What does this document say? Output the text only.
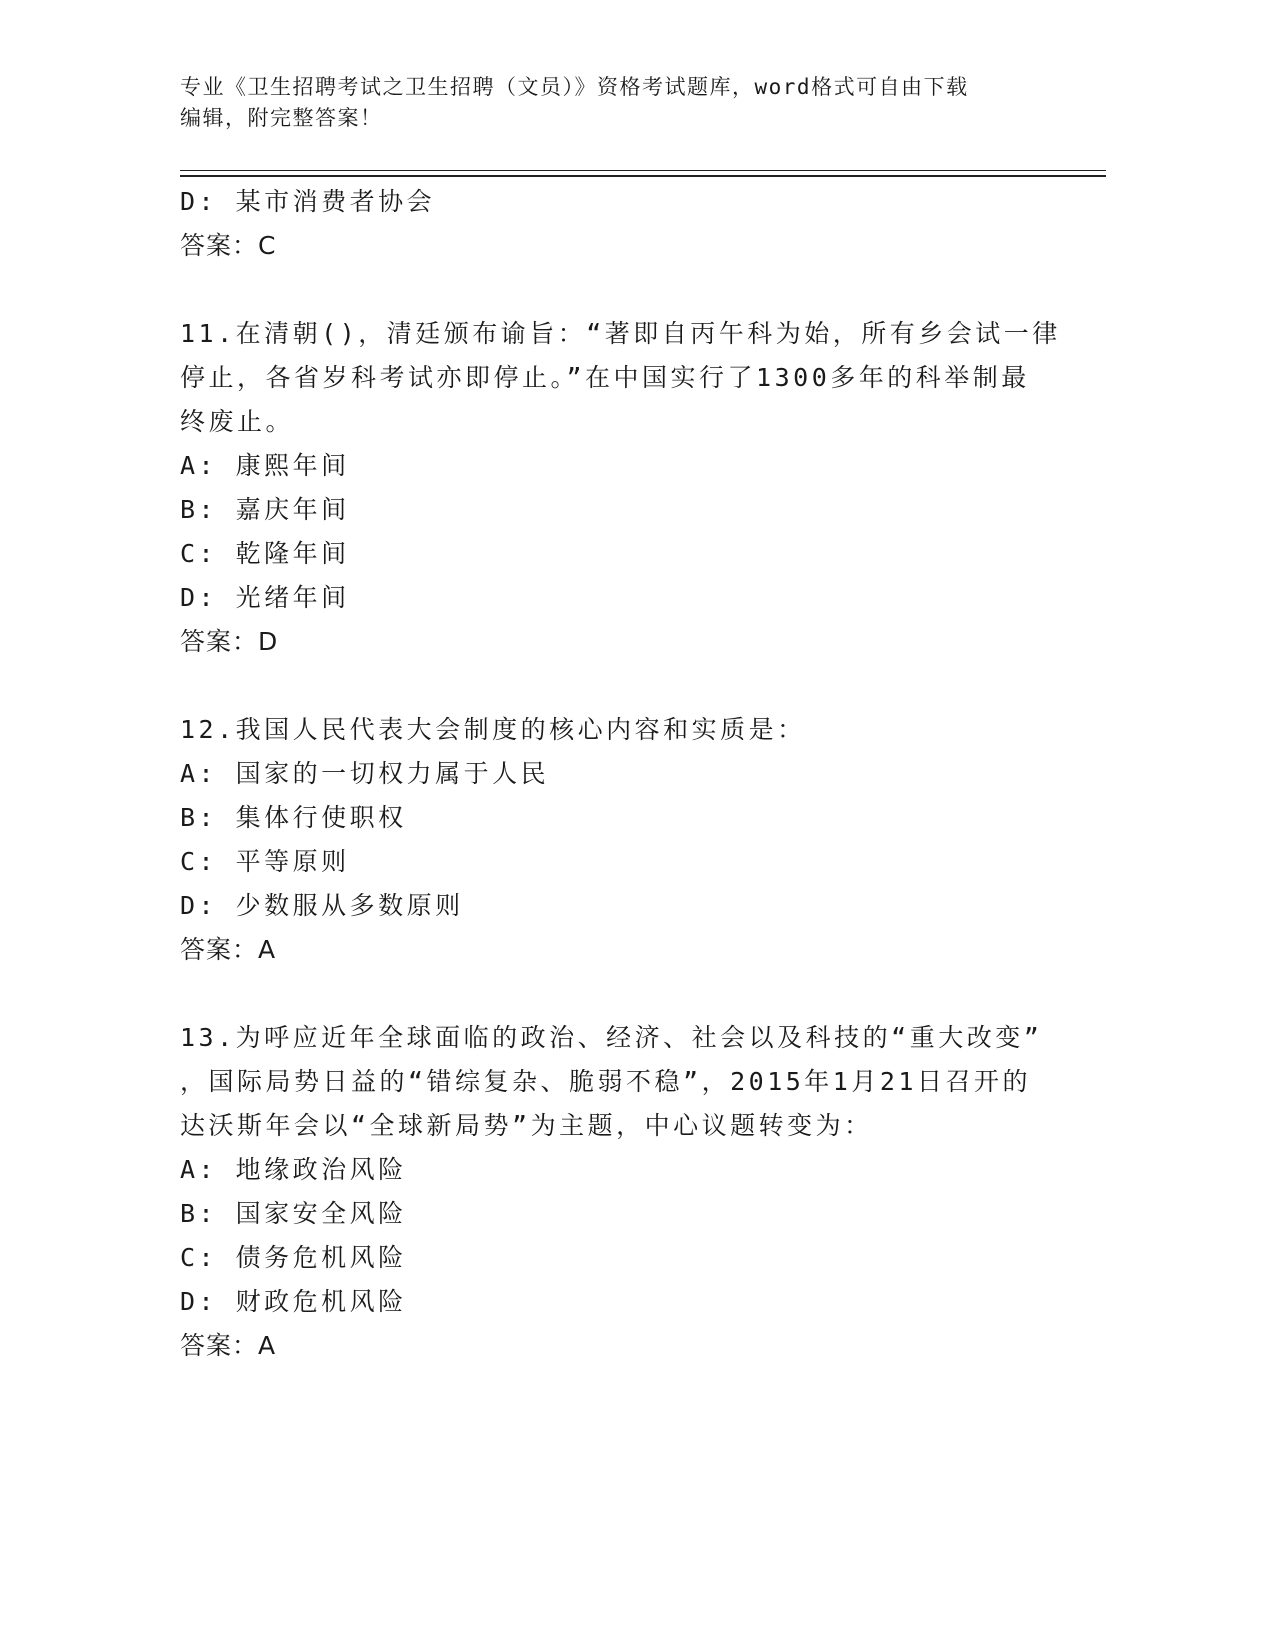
专业《卫生招聘考试之卫生招聘（文员）》资格考试题库，word格式可自由下载
编辑，附完整答案！
D: 某市消费者协会
答案：C
11.在清朝()，清廷颁布谕旨：“著即自丙午科为始，所有乡会试一律
停止，各省岁科考试亦即停止。”在中国实行了1300多年的科举制最
终废止。
A: 康熙年间
B: 嘉庆年间
C: 乾隆年间
D: 光绪年间
答案：D
12.我国人民代表大会制度的核心内容和实质是：
A: 国家的一切权力属于人民
B: 集体行使职权
C: 平等原则
D: 少数服从多数原则
答案：A
13.为呼应近年全球面临的政治、经济、社会以及科技的“重大改变”
，国际局势日益的“错综复杂、脆弱不稳”，2015年1月21日召开的
达沃斯年会以“全球新局势”为主题，中心议题转变为：
A: 地缘政治风险
B: 国家安全风险
C: 债务危机风险
D: 财政危机风险
答案：A
